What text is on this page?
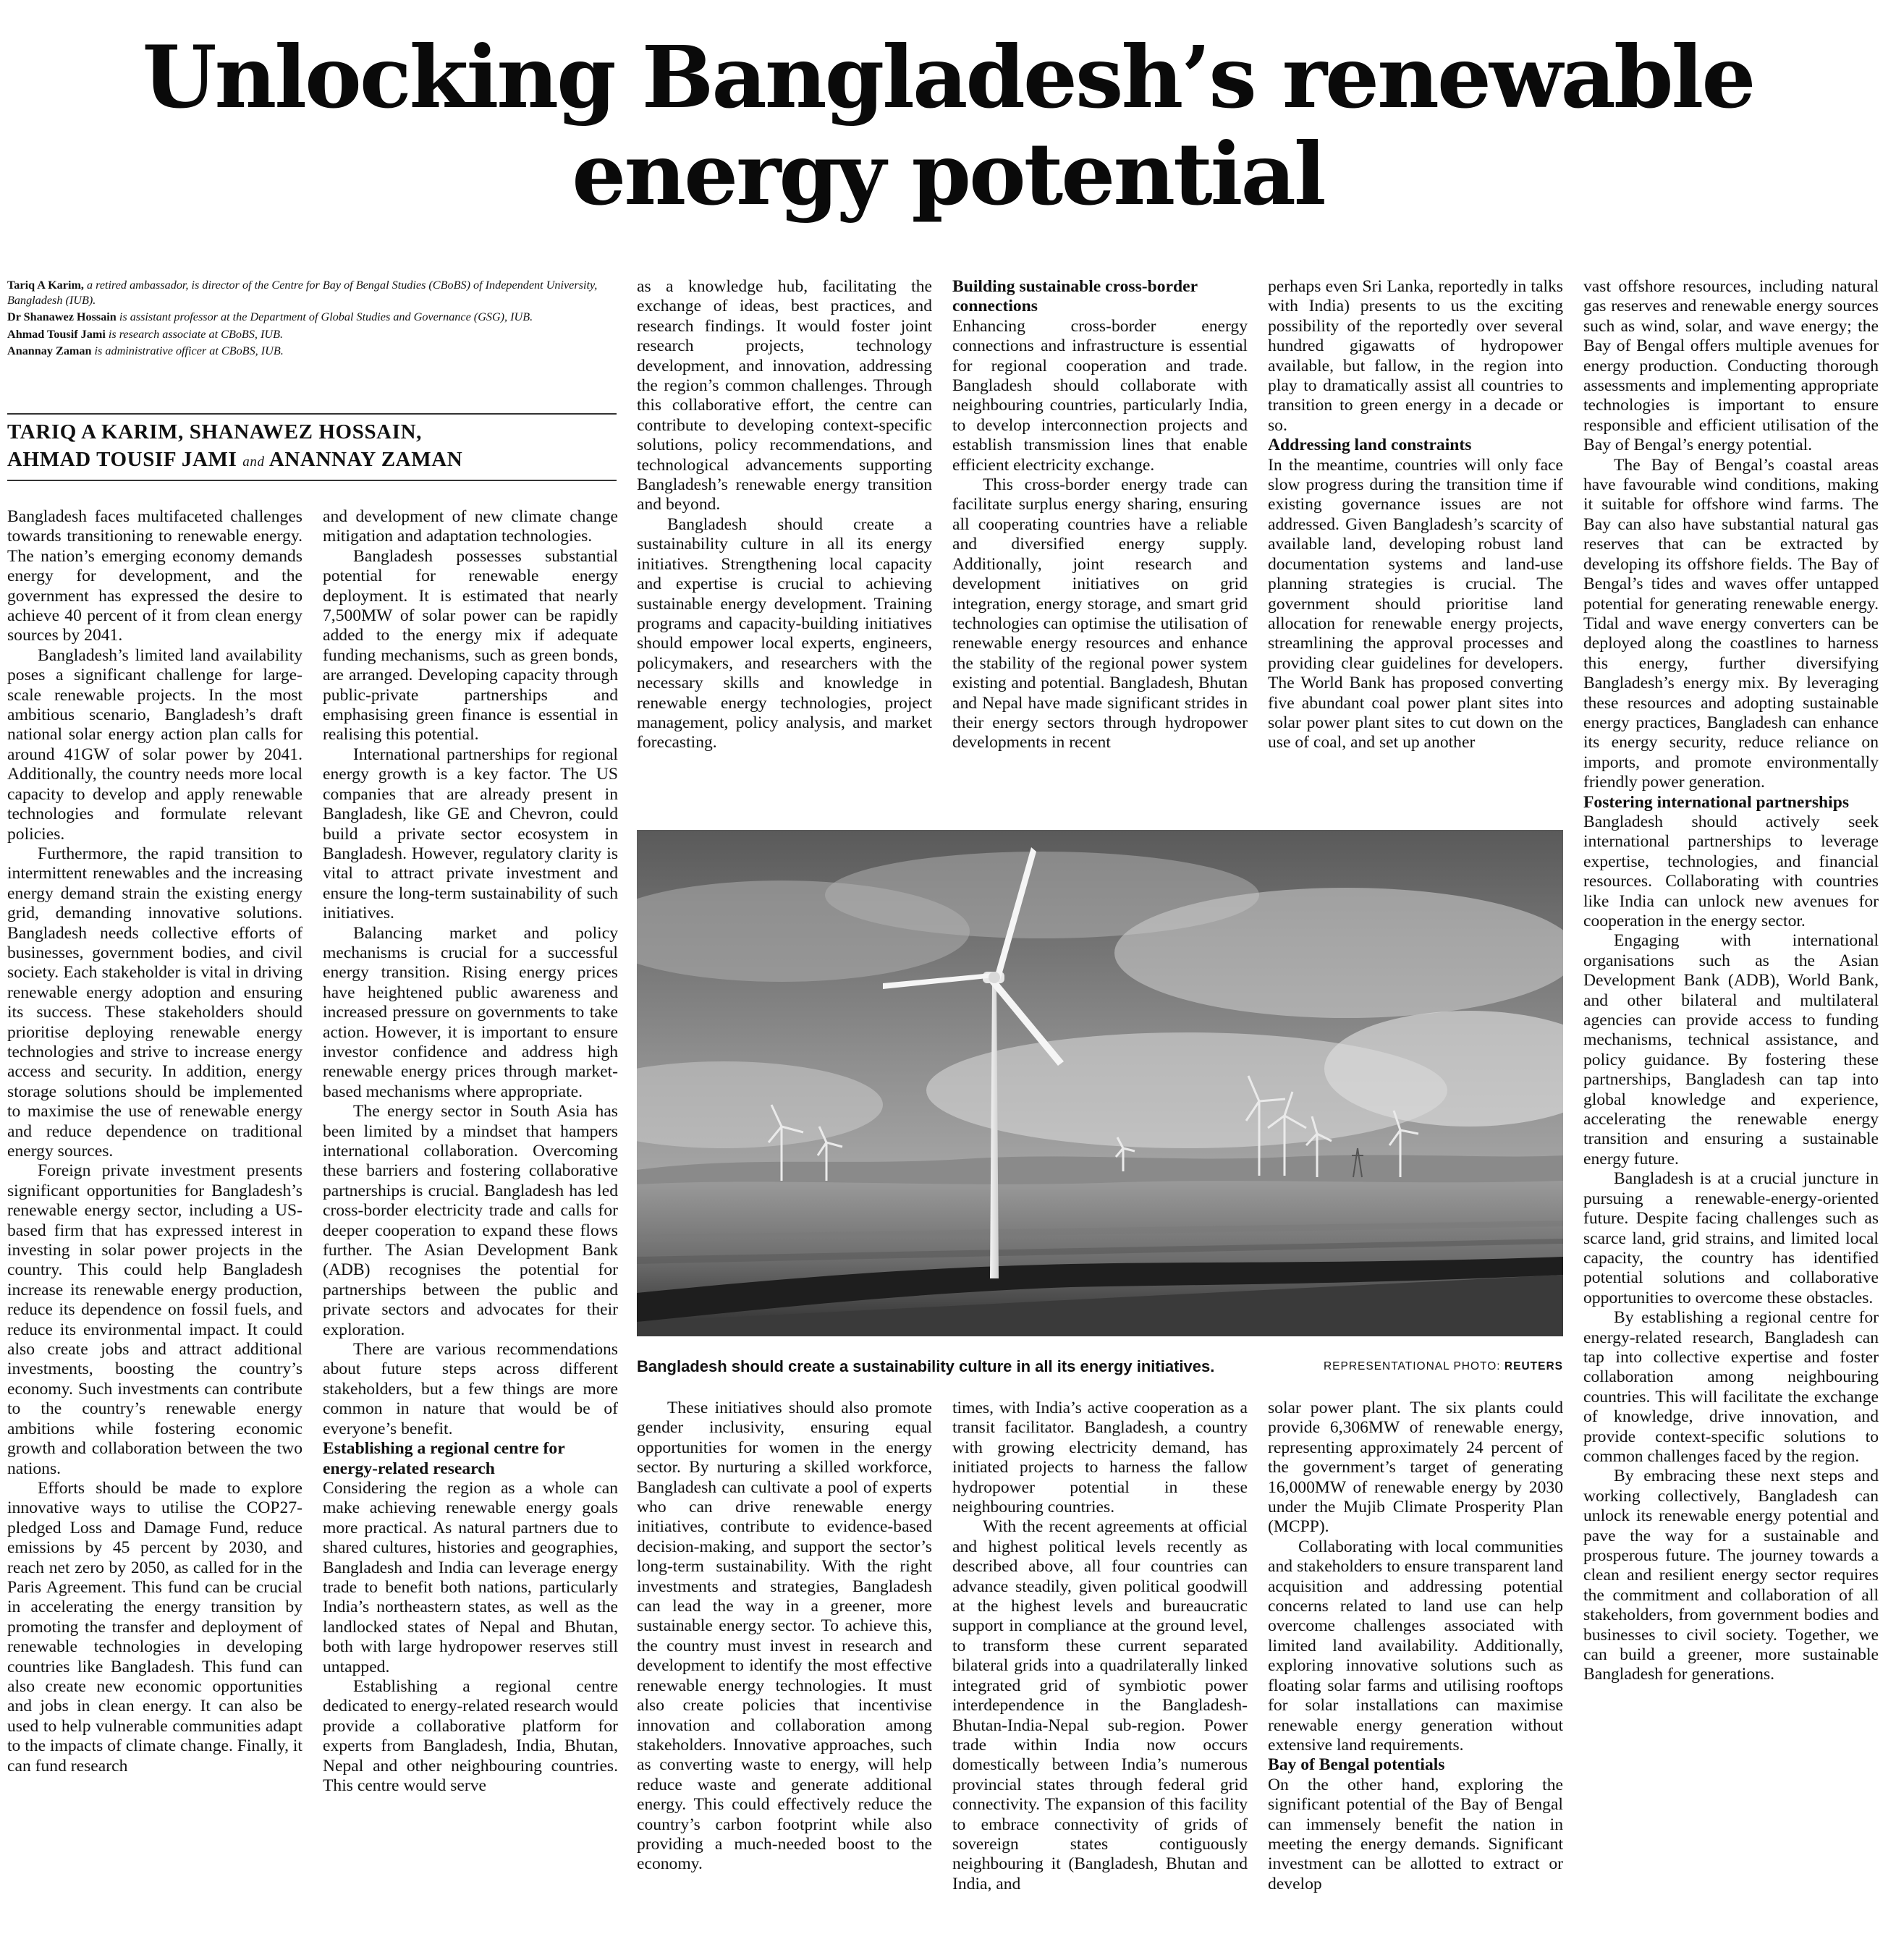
Unlocking Bangladesh’s renewable energy potential
Tariq A Karim, a retired ambassador, is director of the Centre for Bay of Bengal Studies (CBoBS) of Independent University, Bangladesh (IUB).
Dr Shanawez Hossain is assistant professor at the Department of Global Studies and Governance (GSG), IUB.
Ahmad Tousif Jami is research associate at CBoBS, IUB.
Anannay Zaman is administrative officer at CBoBS, IUB.
TARIQ A KARIM, SHANAWEZ HOSSAIN,
AHMAD TOUSIF JAMI and ANANNAY ZAMAN

Bangladesh faces multifaceted challenges towards transitioning to renewable energy. The nation’s emerging economy demands energy for development, and the government has expressed the desire to achieve 40 percent of it from clean energy sources by 2041.

Bangladesh’s limited land availability poses a significant challenge for large-scale renewable projects. In the most ambitious scenario, Bangladesh’s draft national solar energy action plan calls for around 41GW of solar power by 2041. Additionally, the country needs more local capacity to develop and apply renewable technologies and formulate relevant policies.

Furthermore, the rapid transition to intermittent renewables and the increasing energy demand strain the existing energy grid, demanding innovative solutions. Bangladesh needs collective efforts of businesses, government bodies, and civil society. Each stakeholder is vital in driving renewable energy adoption and ensuring its success. These stakeholders should prioritise deploying renewable energy technologies and strive to increase energy access and security. In addition, energy storage solutions should be implemented to maximise the use of renewable energy and reduce dependence on traditional energy sources.

Foreign private investment presents significant opportunities for Bangladesh’s renewable energy sector, including a US-based firm that has expressed interest in investing in solar power projects in the country. This could help Bangladesh increase its renewable energy production, reduce its dependence on fossil fuels, and reduce its environmental impact. It could also create jobs and attract additional investments, boosting the country’s economy. Such investments can contribute to the country’s renewable energy ambitions while fostering economic growth and collaboration between the two nations.

Efforts should be made to explore innovative ways to utilise the COP27-pledged Loss and Damage Fund, reduce emissions by 45 percent by 2030, and reach net zero by 2050, as called for in the Paris Agreement. This fund can be crucial in accelerating the energy transition by promoting the transfer and deployment of renewable technologies in developing countries like Bangladesh. This fund can also create new economic opportunities and jobs in clean energy. It can also be used to help vulnerable communities adapt to the impacts of climate change. Finally, it can fund research

and development of new climate change mitigation and adaptation technologies.

Bangladesh possesses substantial potential for renewable energy deployment. It is estimated that nearly 7,500MW of solar power can be rapidly added to the energy mix if adequate funding mechanisms, such as green bonds, are arranged. Developing capacity through public-private partnerships and emphasising green finance is essential in realising this potential.

International partnerships for regional energy growth is a key factor. The US companies that are already present in Bangladesh, like GE and Chevron, could build a private sector ecosystem in Bangladesh. However, regulatory clarity is vital to attract private investment and ensure the long-term sustainability of such initiatives.

Balancing market and policy mechanisms is crucial for a successful energy transition. Rising energy prices have heightened public awareness and increased pressure on governments to take action. However, it is important to ensure investor confidence and address high renewable energy prices through market-based mechanisms where appropriate.

The energy sector in South Asia has been limited by a mindset that hampers international collaboration. Overcoming these barriers and fostering collaborative partnerships is crucial. Bangladesh has led cross-border electricity trade and calls for deeper cooperation to expand these flows further. The Asian Development Bank (ADB) recognises the potential for partnerships between the public and private sectors and advocates for their exploration.

There are various recommendations about future steps across different stakeholders, but a few things are more common in nature that would be of everyone’s benefit.

Establishing a regional centre for energy-related research

Considering the region as a whole can make achieving renewable energy goals more practical. As natural partners due to shared cultures, histories and geographies, Bangladesh and India can leverage energy trade to benefit both nations, particularly India’s northeastern states, as well as the landlocked states of Nepal and Bhutan, both with large hydropower reserves still untapped.

Establishing a regional centre dedicated to energy-related research would provide a collaborative platform for experts from Bangladesh, India, Bhutan, Nepal and other neighbouring countries. This centre would serve

as a knowledge hub, facilitating the exchange of ideas, best practices, and research findings. It would foster joint research projects, technology development, and innovation, addressing the region’s common challenges. Through this collaborative effort, the centre can contribute to developing context-specific solutions, policy recommendations, and technological advancements supporting Bangladesh’s renewable energy transition and beyond.

Bangladesh should create a sustainability culture in all its energy initiatives. Strengthening local capacity and expertise is crucial to achieving sustainable energy development. Training programs and capacity-building initiatives should empower local experts, engineers, policymakers, and researchers with the necessary skills and knowledge in renewable energy technologies, project management, policy analysis, and market forecasting.

Building sustainable cross-border connections

Enhancing cross-border energy connections and infrastructure is essential for regional cooperation and trade. Bangladesh should collaborate with neighbouring countries, particularly India, to develop interconnection projects and establish transmission lines that enable efficient electricity exchange.

This cross-border energy trade can facilitate surplus energy sharing, ensuring all cooperating countries have a reliable and diversified energy supply. Additionally, joint research and development initiatives on grid integration, energy storage, and smart grid technologies can optimise the utilisation of renewable energy resources and enhance the stability of the regional power system existing and potential. Bangladesh, Bhutan and Nepal have made significant strides in their energy sectors through hydropower developments in recent

perhaps even Sri Lanka, reportedly in talks with India) presents to us the exciting possibility of the reportedly over several hundred gigawatts of hydropower available, but fallow, in the region into play to dramatically assist all countries to transition to green energy in a decade or so.

Addressing land constraints

In the meantime, countries will only face slow progress during the transition time if existing governance issues are not addressed. Given Bangladesh’s scarcity of available land, developing robust land documentation systems and land-use planning strategies is crucial. The government should prioritise land allocation for renewable energy projects, streamlining the approval processes and providing clear guidelines for developers. The World Bank has proposed converting five abundant coal power plant sites into solar power plant sites to cut down on the use of coal, and set up another

vast offshore resources, including natural gas reserves and renewable energy sources such as wind, solar, and wave energy; the Bay of Bengal offers multiple avenues for energy production. Conducting thorough assessments and implementing appropriate technologies is important to ensure responsible and efficient utilisation of the Bay of Bengal’s energy potential.

The Bay of Bengal’s coastal areas have favourable wind conditions, making it suitable for offshore wind farms. The Bay can also have substantial natural gas reserves that can be extracted by developing its offshore fields. The Bay of Bengal’s tides and waves offer untapped potential for generating renewable energy. Tidal and wave energy converters can be deployed along the coastlines to harness this energy, further diversifying Bangladesh’s energy mix. By leveraging these resources and adopting sustainable energy practices, Bangladesh can enhance its energy security, reduce reliance on imports, and promote environmentally friendly power generation.

Fostering international partnerships

Bangladesh should actively seek international partnerships to leverage expertise, technologies, and financial resources. Collaborating with countries like India can unlock new avenues for cooperation in the energy sector.

Engaging with international organisations such as the Asian Development Bank (ADB), World Bank, and other bilateral and multilateral agencies can provide access to funding mechanisms, technical assistance, and policy guidance. By fostering these partnerships, Bangladesh can tap into global knowledge and experience, accelerating the renewable energy transition and ensuring a sustainable energy future.

Bangladesh is at a crucial juncture in pursuing a renewable-energy-oriented future. Despite facing challenges such as scarce land, grid strains, and limited local capacity, the country has identified potential solutions and collaborative opportunities to overcome these obstacles.

By establishing a regional centre for energy-related research, Bangladesh can tap into collective expertise and foster collaboration among neighbouring countries. This will facilitate the exchange of knowledge, drive innovation, and provide context-specific solutions to common challenges faced by the region.

By embracing these next steps and working collectively, Bangladesh can unlock its renewable energy potential and pave the way for a sustainable and prosperous future. The journey towards a clean and resilient energy sector requires the commitment and collaboration of all stakeholders, from government bodies and businesses to civil society. Together, we can build a greener, more sustainable Bangladesh for generations.

Bangladesh should create a sustainability culture in all its energy initiatives.	REPRESENTATIONAL PHOTO: REUTERS

These initiatives should also promote gender inclusivity, ensuring equal opportunities for women in the energy sector. By nurturing a skilled workforce, Bangladesh can cultivate a pool of experts who can drive renewable energy initiatives, contribute to evidence-based decision-making, and support the sector’s long-term sustainability. With the right investments and strategies, Bangladesh can lead the way in a greener, more sustainable energy sector. To achieve this, the country must invest in research and development to identify the most effective renewable energy technologies. It must also create policies that incentivise innovation and collaboration among stakeholders. Innovative approaches, such as converting waste to energy, will help reduce waste and generate additional energy. This could effectively reduce the country’s carbon footprint while also providing a much-needed boost to the economy.

times, with India’s active cooperation as a transit facilitator. Bangladesh, a country with growing electricity demand, has initiated projects to harness the fallow hydropower potential in these neighbouring countries.

With the recent agreements at official and highest political levels recently as described above, all four countries can advance steadily, given political goodwill at the highest levels and bureaucratic support in compliance at the ground level, to transform these current separated bilateral grids into a quadrilaterally linked integrated grid of symbiotic power interdependence in the Bangladesh-Bhutan-India-Nepal sub-region. Power trade within India now occurs domestically between India’s numerous provincial states through federal grid connectivity. The expansion of this facility to embrace connectivity of grids of sovereign states contiguously neighbouring it (Bangladesh, Bhutan and India, and

solar power plant. The six plants could provide 6,306MW of renewable energy, representing approximately 24 percent of the government’s target of generating 16,000MW of renewable energy by 2030 under the Mujib Climate Prosperity Plan (MCPP).

Collaborating with local communities and stakeholders to ensure transparent land acquisition and addressing potential concerns related to land use can help overcome challenges associated with limited land availability. Additionally, exploring innovative solutions such as floating solar farms and utilising rooftops for solar installations can maximise renewable energy generation without extensive land requirements.

Bay of Bengal potentials

On the other hand, exploring the significant potential of the Bay of Bengal can immensely benefit the nation in meeting the energy demands. Significant investment can be allotted to extract or develop
